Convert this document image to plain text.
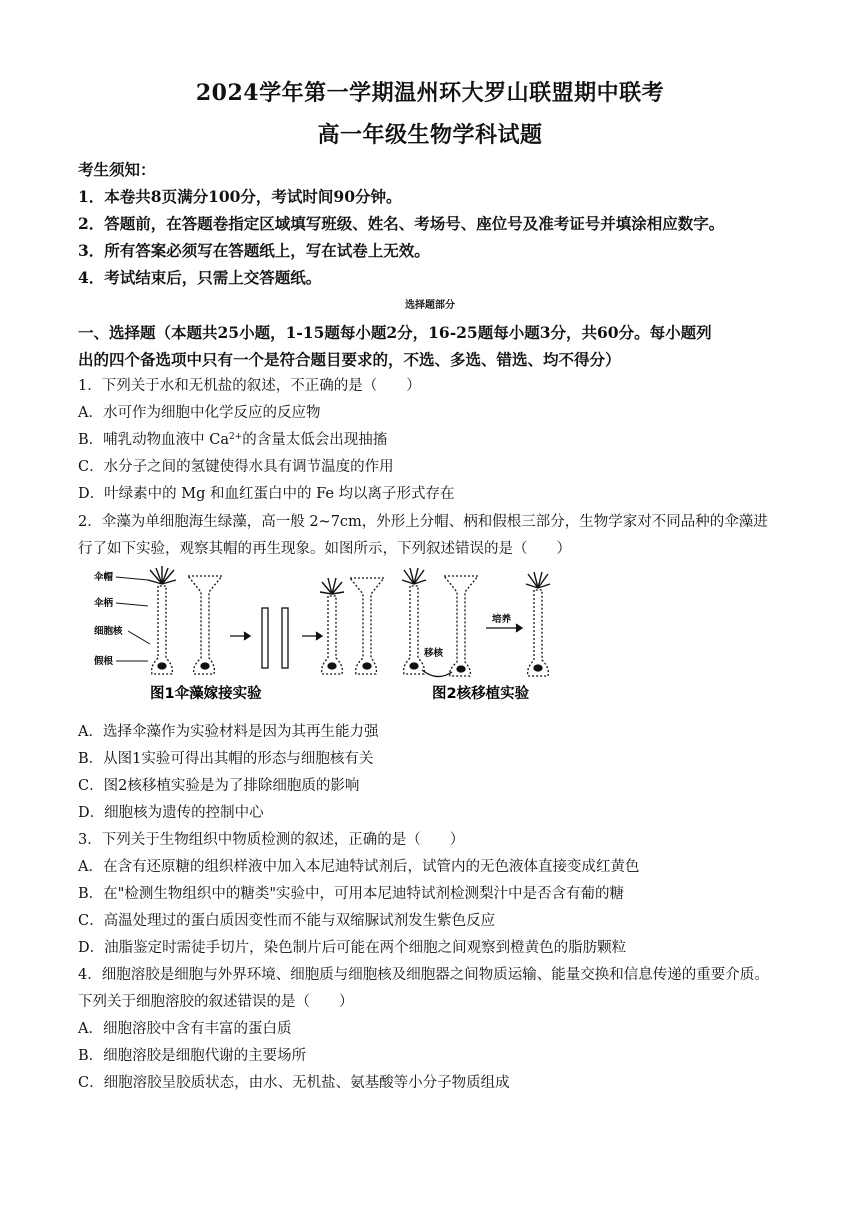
2024学年第一学期温州环大罗山联盟期中联考
高一年级生物学科试题
考生须知：
1．本卷共8页满分100分，考试时间90分钟。
2．答题前，在答题卷指定区域填写班级、姓名、考场号、座位号及准考证号并填涂相应数字。
3．所有答案必须写在答题纸上，写在试卷上无效。
4．考试结束后，只需上交答题纸。
选择题部分
一、选择题（本题共25小题，1-15题每小题2分，16-25题每小题3分，共60分。每小题列
出的四个备选项中只有一个是符合题目要求的，不选、多选、错选、均不得分）
1．下列关于水和无机盐的叙述，不正确的是（　　）
A．水可作为细胞中化学反应的反应物
B．哺乳动物血液中 $Ca^{2+}$的含量太低会出现抽搐
C．水分子之间的氢键使得水具有调节温度的作用
D．叶绿素中的 Mg 和血红蛋白中的 Fe 均以离子形式存在
2．伞藻为单细胞海生绿藻，高一般 2~7cm，外形上分帽、柄和假根三部分，生物学家对不同品种的伞藻进
行了如下实验，观察其帽的再生现象。如图所示，下列叙述错误的是（　　）
伞帽
伞柄
细胞核
假根
图1伞藻嫁接实验
移核
培养
图2核移植实验
A．选择伞藻作为实验材料是因为其再生能力强
B．从图1实验可得出其帽的形态与细胞核有关
C．图2核移植实验是为了排除细胞质的影响
D．细胞核为遗传的控制中心
3．下列关于生物组织中物质检测的叙述，正确的是（　　）
A．在含有还原糖的组织样液中加入本尼迪特试剂后，试管内的无色液体直接变成红黄色
B．在"检测生物组织中的糖类"实验中，可用本尼迪特试剂检测梨汁中是否含有葡的糖
C．高温处理过的蛋白质因变性而不能与双缩脲试剂发生紫色反应
D．油脂鉴定时需徒手切片，染色制片后可能在两个细胞之间观察到橙黄色的脂肪颗粒
4．细胞溶胶是细胞与外界环境、细胞质与细胞核及细胞器之间物质运输、能量交换和信息传递的重要介质。
下列关于细胞溶胶的叙述错误的是（　　）
A．细胞溶胶中含有丰富的蛋白质
B．细胞溶胶是细胞代谢的主要场所
C．细胞溶胶呈胶质状态，由水、无机盐、氨基酸等小分子物质组成
